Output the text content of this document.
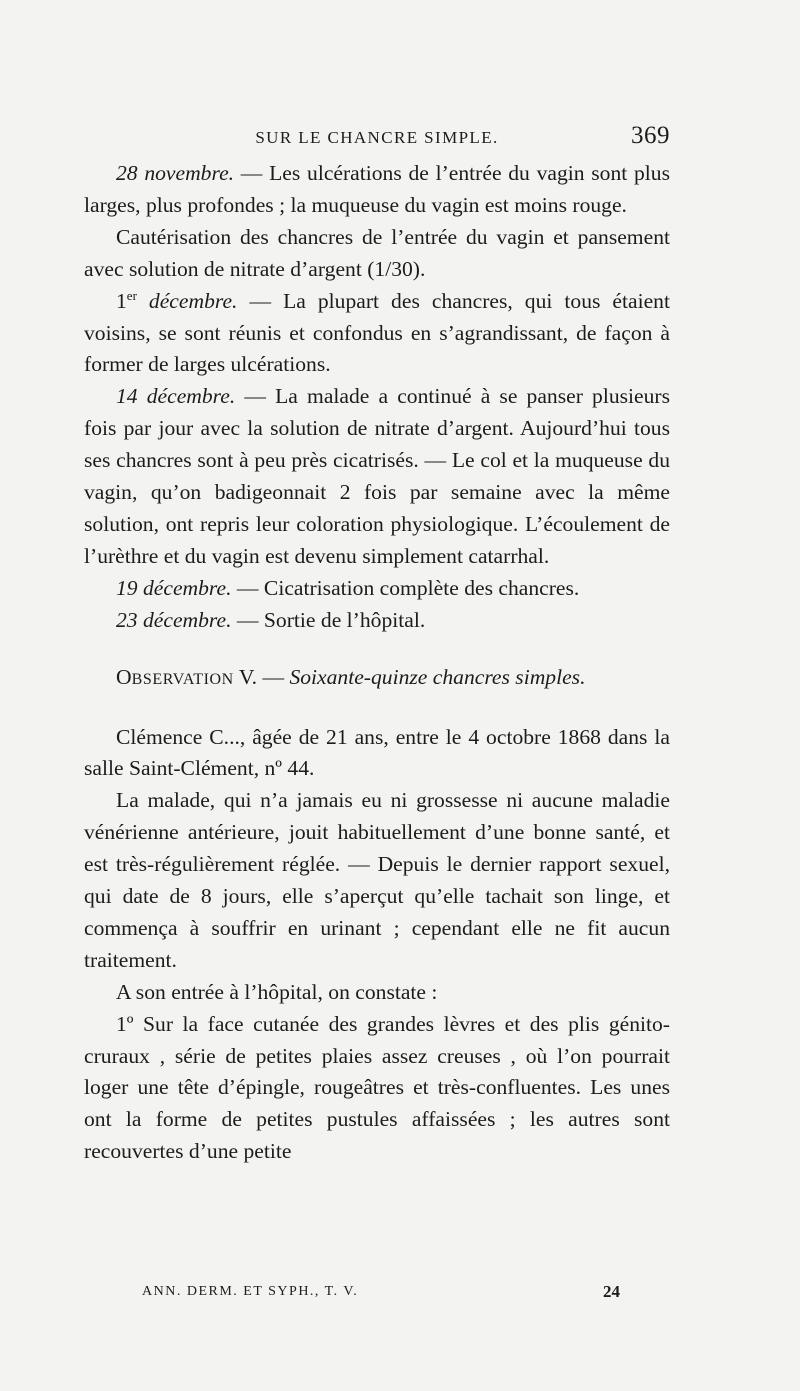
SUR LE CHANCRE SIMPLE.	369

28 novembre. — Les ulcérations de l’entrée du vagin sont plus larges, plus profondes ; la muqueuse du vagin est moins rouge.

Cautérisation des chancres de l’entrée du vagin et pansement avec solution de nitrate d’argent (1/30).

1er décembre. — La plupart des chancres, qui tous étaient voisins, se sont réunis et confondus en s’agrandissant, de façon à former de larges ulcérations.

14 décembre. — La malade a continué à se panser plusieurs fois par jour avec la solution de nitrate d’argent. Aujourd’hui tous ses chancres sont à peu près cicatrisés. — Le col et la muqueuse du vagin, qu’on badigeonnait 2 fois par semaine avec la même solution, ont repris leur coloration physiologique. L’écoulement de l’urèthre et du vagin est devenu simplement catarrhal.

19 décembre. — Cicatrisation complète des chancres.

23 décembre. — Sortie de l’hôpital.

OBSERVATION V. — Soixante-quinze chancres simples.

Clémence C..., âgée de 21 ans, entre le 4 octobre 1868 dans la salle Saint-Clément, nº 44.

La malade, qui n’a jamais eu ni grossesse ni aucune maladie vénérienne antérieure, jouit habituellement d’une bonne santé, et est très-régulièrement réglée. — Depuis le dernier rapport sexuel, qui date de 8 jours, elle s’aperçut qu’elle tachait son linge, et commença à souffrir en urinant ; cependant elle ne fit aucun traitement.

A son entrée à l’hôpital, on constate :

1º Sur la face cutanée des grandes lèvres et des plis génito-cruraux , série de petites plaies assez creuses , où l’on pourrait loger une tête d’épingle, rougeâtres et très-confluentes. Les unes ont la forme de petites pustules affaissées ; les autres sont recouvertes d’une petite

ANN. DERM. ET SYPH., T. V.	24
